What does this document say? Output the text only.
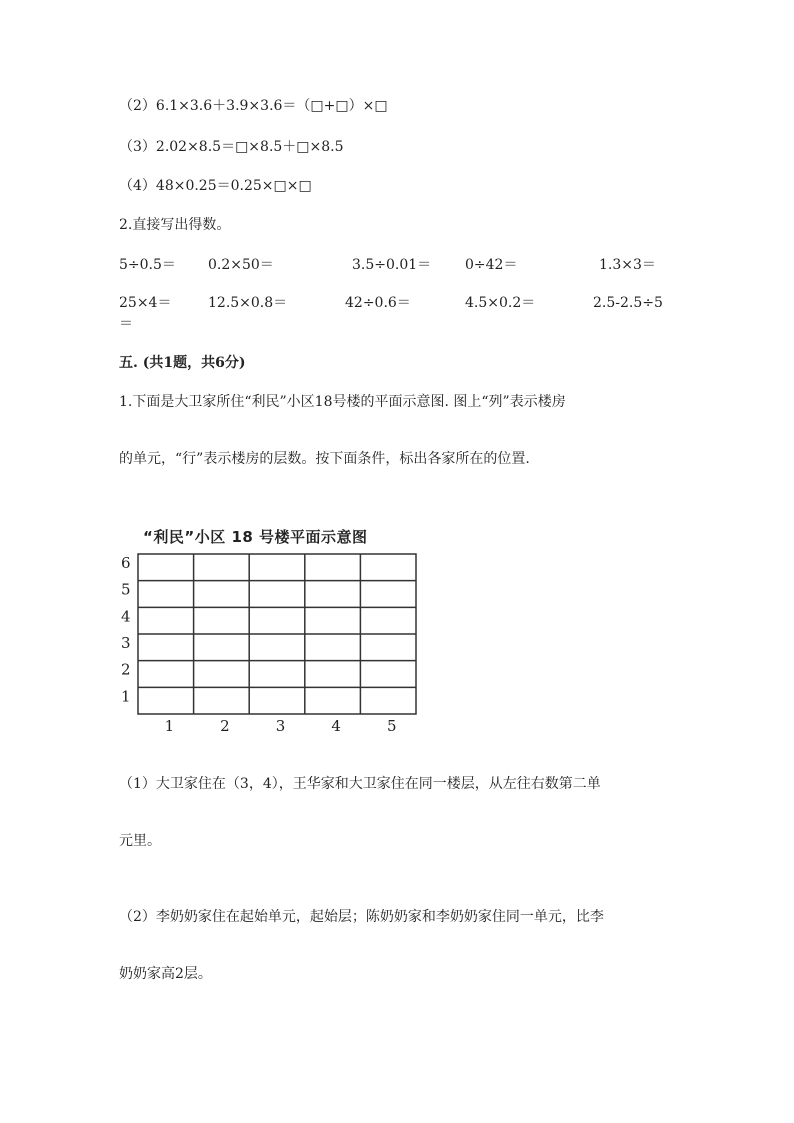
（2）6.1×3.6＋3.9×3.6＝（□+□）×□
（3）2.02×8.5＝□×8.5＋□×8.5
（4）48×0.25＝0.25×□×□
2.直接写出得数。
5÷0.5＝ 0.2×50＝	3.5÷0.01＝ 0÷42＝	1.3×3＝
25×4＝	12.5×0.8＝	42÷0.6＝	4.5×0.2＝	2.5-2.5÷5
＝
五. (共1题，共6分)
1.下面是大卫家所住“利民”小区18号楼的平面示意图. 图上“列”表示楼房
的单元，“行”表示楼房的层数。按下面条件，标出各家所在的位置.
“利民”小区 18 号楼平面示意图
6
5
4
3
2
1
1	2	3	4	5
（1）大卫家住在（3，4），王华家和大卫家住在同一楼层，从左往右数第二单
元里。
（2）李奶奶家住在起始单元，起始层；陈奶奶家和李奶奶家住同一单元，比李
奶奶家高2层。
